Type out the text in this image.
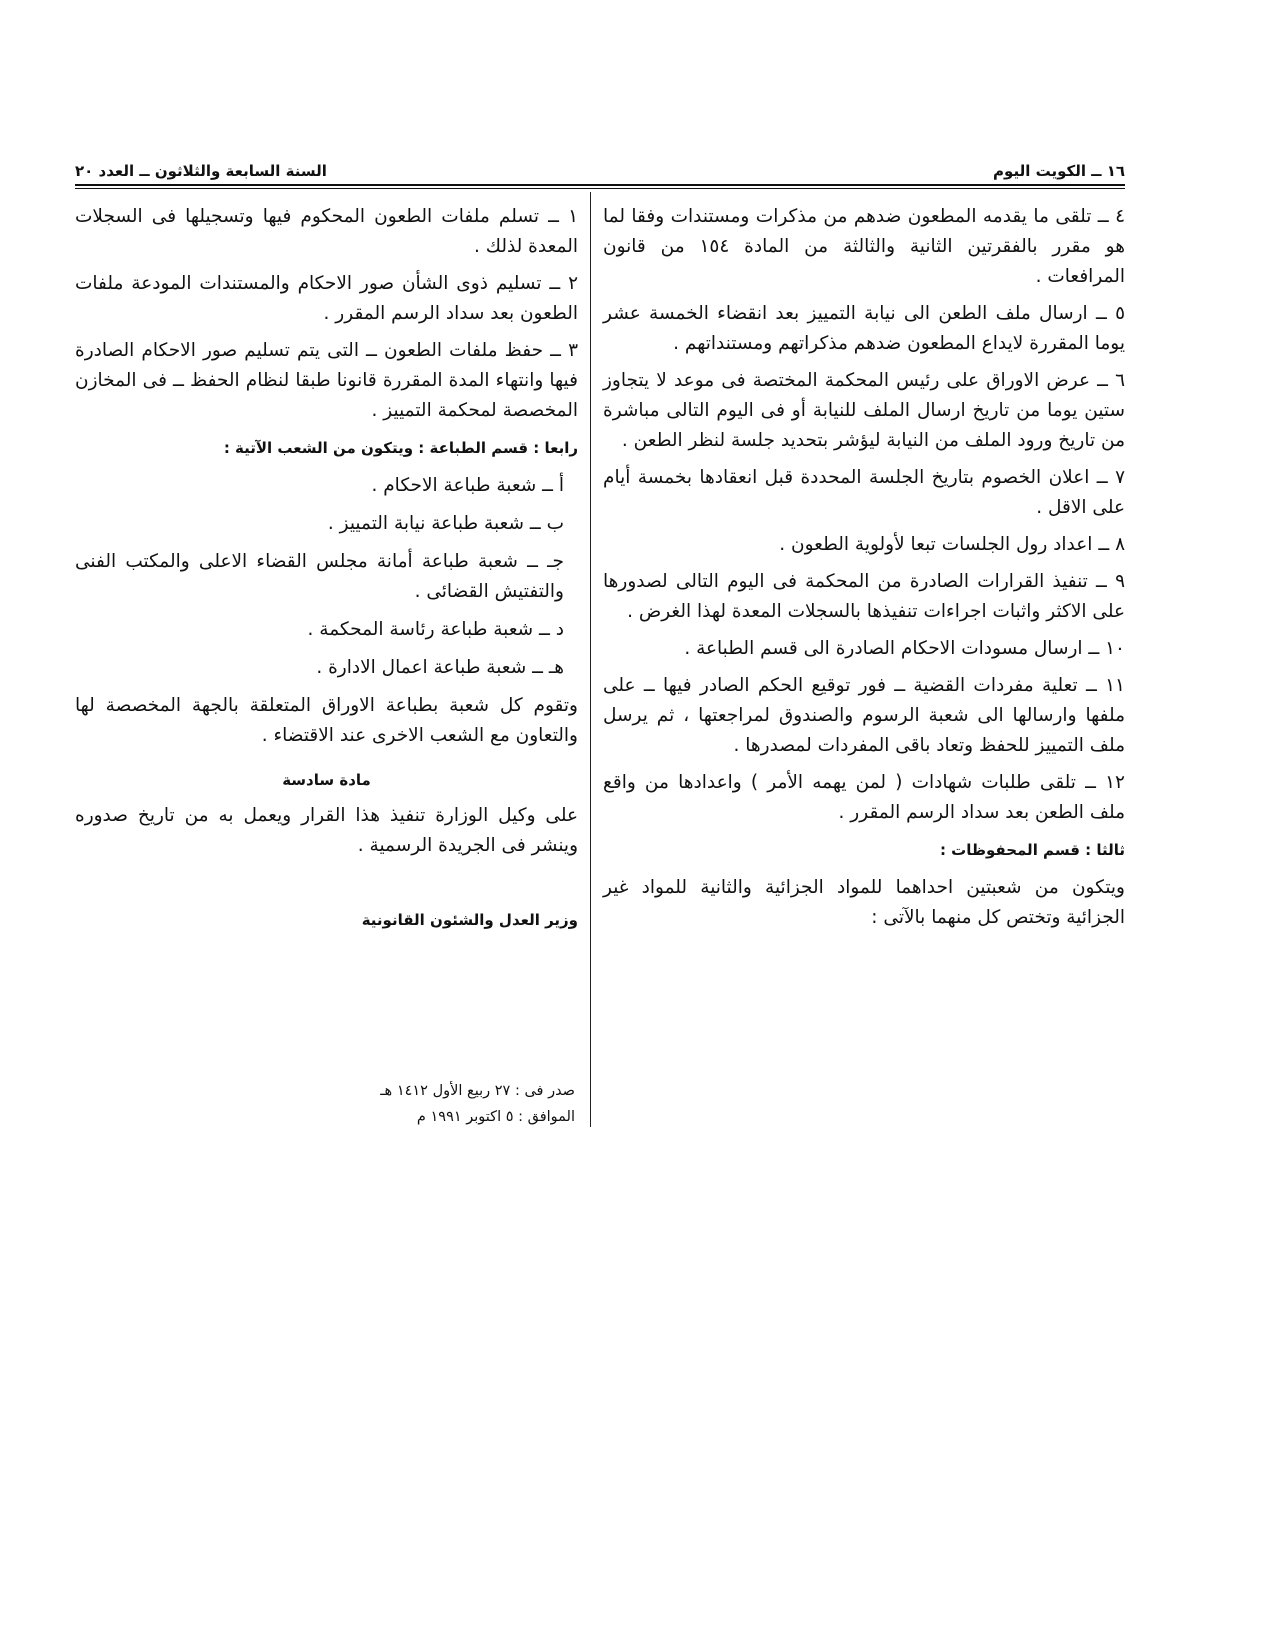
١٦ ــ الكويت اليوم
السنة السابعة والثلاثون ــ العدد ٢٠

٤ ــ تلقى ما يقدمه المطعون ضدهم من مذكرات ومستندات وفقا لما هو مقرر بالفقرتين الثانية والثالثة من المادة ١٥٤ من قانون المرافعات .

٥ ــ ارسال ملف الطعن الى نيابة التمييز بعد انقضاء الخمسة عشر يوما المقررة لايداع المطعون ضدهم مذكراتهم ومستنداتهم .

٦ ــ عرض الاوراق على رئيس المحكمة المختصة فى موعد لا يتجاوز ستين يوما من تاريخ ارسال الملف للنيابة أو فى اليوم التالى مباشرة من تاريخ ورود الملف من النيابة ليؤشر بتحديد جلسة لنظر الطعن .

٧ ــ اعلان الخصوم بتاريخ الجلسة المحددة قبل انعقادها بخمسة أيام على الاقل .

٨ ــ اعداد رول الجلسات تبعا لأولوية الطعون .

٩ ــ تنفيذ القرارات الصادرة من المحكمة فى اليوم التالى لصدورها على الاكثر واثبات اجراءات تنفيذها بالسجلات المعدة لهذا الغرض .

١٠ ــ ارسال مسودات الاحكام الصادرة الى قسم الطباعة .

١١ ــ تعلية مفردات القضية ــ فور توقيع الحكم الصادر فيها ــ على ملفها وارسالها الى شعبة الرسوم والصندوق لمراجعتها ، ثم يرسل ملف التمييز للحفظ وتعاد باقى المفردات لمصدرها .

١٢ ــ تلقى طلبات شهادات ( لمن يهمه الأمر ) واعدادها من واقع ملف الطعن بعد سداد الرسم المقرر .

ثالثا : قسم المحفوظات :

ويتكون من شعبتين احداهما للمواد الجزائية والثانية للمواد غير الجزائية وتختص كل منهما بالآتى :

١ ــ تسلم ملفات الطعون المحكوم فيها وتسجيلها فى السجلات المعدة لذلك .

٢ ــ تسليم ذوى الشأن صور الاحكام والمستندات المودعة ملفات الطعون بعد سداد الرسم المقرر .

٣ ــ حفظ ملفات الطعون ــ التى يتم تسليم صور الاحكام الصادرة فيها وانتهاء المدة المقررة قانونا طبقا لنظام الحفظ ــ فى المخازن المخصصة لمحكمة التمييز .

رابعا : قسم الطباعة : ويتكون من الشعب الآتية :

أ ــ شعبة طباعة الاحكام .

ب ــ شعبة طباعة نيابة التمييز .

جـ ــ شعبة طباعة أمانة مجلس القضاء الاعلى والمكتب الفنى والتفتيش القضائى .

د ــ شعبة طباعة رئاسة المحكمة .

هـ ــ شعبة طباعة اعمال الادارة .

وتقوم كل شعبة بطباعة الاوراق المتعلقة بالجهة المخصصة لها والتعاون مع الشعب الاخرى عند الاقتضاء .

مادة سادسة

على وكيل الوزارة تنفيذ هذا القرار ويعمل به من تاريخ صدوره وينشر فى الجريدة الرسمية .

وزير العدل والشئون القانونية

صدر فى : ٢٧ ربيع الأول ١٤١٢ هـ
الموافق : ٥ اكتوبر ١٩٩١ م
